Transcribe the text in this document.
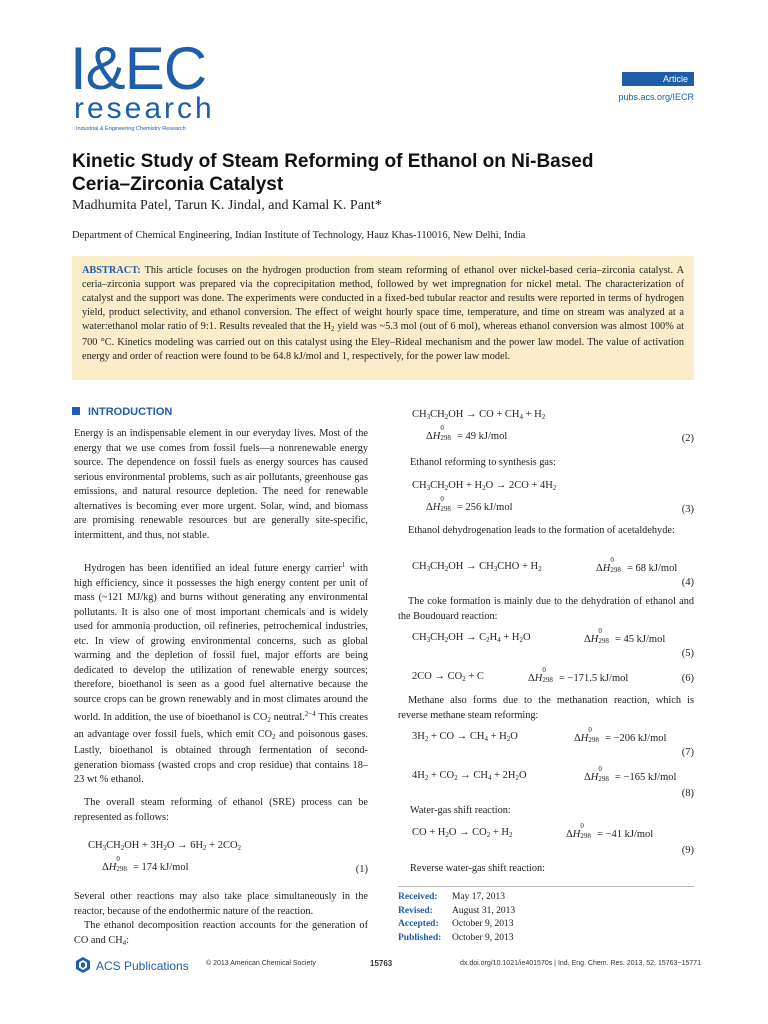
I&EC
research
Industrial & Engineering Chemistry Research
Article
pubs.acs.org/IECR
Kinetic Study of Steam Reforming of Ethanol on Ni-Based Ceria–Zirconia Catalyst
Madhumita Patel, Tarun K. Jindal, and Kamal K. Pant*
Department of Chemical Engineering, Indian Institute of Technology, Hauz Khas-110016, New Delhi, India
ABSTRACT: This article focuses on the hydrogen production from steam reforming of ethanol over nickel-based ceria–zirconia catalyst. A ceria–zirconia support was prepared via the coprecipitation method, followed by wet impregnation for nickel metal. The characterization of catalyst and the support was done. The experiments were conducted in a fixed-bed tubular reactor and results were reported in terms of hydrogen yield, product selectivity, and ethanol conversion. The effect of weight hourly space time, temperature, and time on stream was analyzed at a water:ethanol molar ratio of 9:1. Results revealed that the $H_2$ yield was ~5.3 mol (out of 6 mol), whereas ethanol conversion was almost 100% at 700 °C. Kinetics modeling was carried out on this catalyst using the Eley–Rideal mechanism and the power law model. The value of activation energy and order of reaction were found to be 64.8 kJ/mol and 1, respectively, for the power law model.
INTRODUCTION
Energy is an indispensable element in our everyday lives. Most of the energy that we use comes from fossil fuels—a nonrenewable energy source. The dependence on fossil fuels as energy sources has caused serious environmental problems, such as air pollutants, greenhouse gas emissions, and natural resource depletion. The need for renewable alternatives is becoming ever more urgent. Solar, wind, and biomass are promising renewable resources but are generally site-specific, intermittent, and thus, not stable.
Hydrogen has been identified an ideal future energy carrier$^1$ with high efficiency, since it possesses the high energy content per unit of mass (~121 MJ/kg) and burns without generating any environmental pollutants. It is also one of most important chemicals and is widely used for ammonia production, oil refineries, petrochemical industries, etc. In view of growing environmental concerns, such as global warming and the depletion of fossil fuel, major efforts are being dedicated to develop the utilization of renewable energy sources; therefore, bioethanol is seen as a good fuel alternative because the source crops can be grown renewably and in most climates around the world. In addition, the use of bioethanol is $CO_2$ neutral.$^{2-4}$ This creates an advantage over fossil fuels, which emit $CO_2$ and poisonous gases. Lastly, bioethanol is obtained through fermentation of second-generation biomass (wasted crops and crop residue) that contains 18–23 wt % ethanol.
The overall steam reforming of ethanol (SRE) process can be represented as follows:
$CH_3CH_2OH + 3H_2O \to 6H_2 + 2CO_2$
ΔH
0
298 = 174 kJ/mol	(1)
Several other reactions may also take place simultaneously in the reactor, because of the endothermic nature of the reaction.
The ethanol decomposition reaction accounts for the generation of CO and $CH_4$:
$CH_3CH_2OH$ → CO + $CH_4 + H_2$
ΔH
0
298 = 49 kJ/mol	(2)
Ethanol reforming to synthesis gas:
$CH_3CH_2OH + H_2O \to 2CO + 4H_2$
ΔH
0
298 = 256 kJ/mol	(3)
Ethanol dehydrogenation leads to the formation of acetaldehyde:
$CH_3CH_2OH \to CH_3CHO + H_2$	ΔH
0
298 = 68 kJ/mol
(4)
The coke formation is mainly due to the dehydration of ethanol and the Boudouard reaction:
$CH_3CH_2OH \to C_2H_4 + H_2O$	ΔH
0
298 = 45 kJ/mol
(5)
$2CO \to CO_2 + C$	ΔH
0
298 = −171.5 kJ/mol	(6)
Methane also forms due to the methanation reaction, which is reverse methane steam reforming:
$3H_2$ + CO → $CH_4 + H_2O$	ΔH
0
298 = −206 kJ/mol
(7)
$4H_2 + CO_2 \to CH_4 + 2H_2O$	ΔH
0
298 = −165 kJ/mol
(8)
Water-gas shift reaction:
CO + $H_2O \to CO_2 + H_2$	ΔH
0
298 = −41 kJ/mol
(9)
Reverse water-gas shift reaction:
Received: May 17, 2013
Revised: August 31, 2013
Accepted: October 9, 2013
Published: October 9, 2013
ACS Publications © 2013 American Chemical Society	15763	dx.doi.org/10.1021/ie401570s | Ind. Eng. Chem. Res. 2013, 52, 15763−15771
